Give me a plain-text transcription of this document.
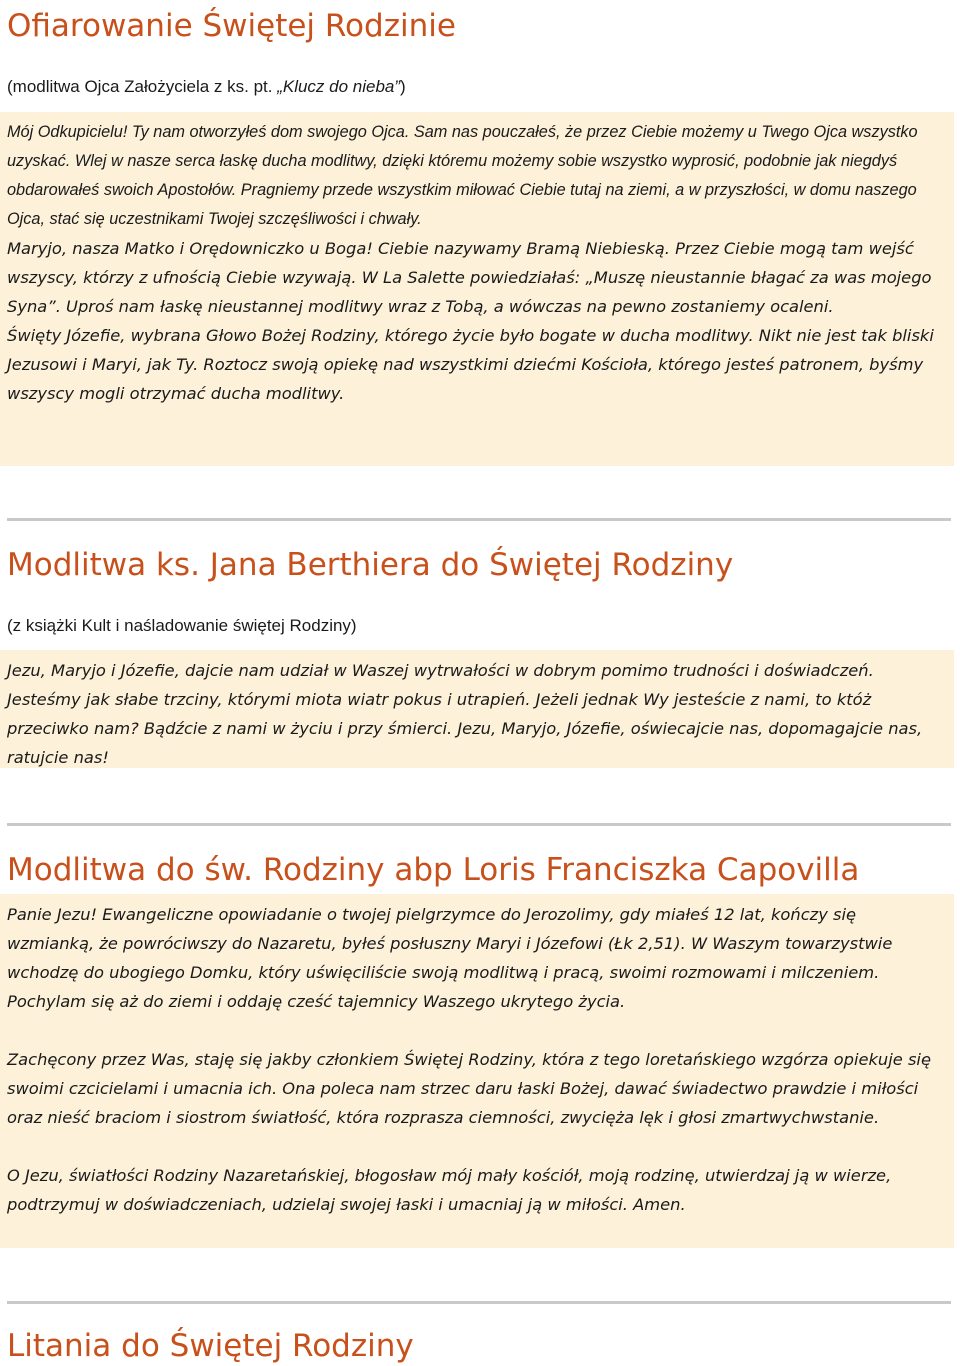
Ofiarowanie Świętej Rodzinie

(modlitwa Ojca Założyciela z ks. pt. „Klucz do nieba”)

Mój Odkupicielu! Ty nam otworzyłeś dom swojego Ojca. Sam nas pouczałeś, że przez Ciebie możemy u Twego Ojca wszystko uzyskać. Wlej w nasze serca łaskę ducha modlitwy, dzięki któremu możemy sobie wszystko wyprosić, podobnie jak niegdyś obdarowałeś swoich Apostołów. Pragniemy przede wszystkim miłować Ciebie tutaj na ziemi, a w przyszłości, w domu naszego Ojca, stać się uczestnikami Twojej szczęśliwości i chwały.

Maryjo, nasza Matko i Orędowniczko u Boga! Ciebie nazywamy Bramą Niebieską. Przez Ciebie mogą tam wejść wszyscy, którzy z ufnością Ciebie wzywają. W La Salette powiedziałaś: „Muszę nieustannie błagać za was mojego Syna”. Uproś nam łaskę nieustannej modlitwy wraz z Tobą, a wówczas na pewno zostaniemy ocaleni.

Święty Józefie, wybrana Głowo Bożej Rodziny, którego życie było bogate w ducha modlitwy. Nikt nie jest tak bliski Jezusowi i Maryi, jak Ty. Roztocz swoją opiekę nad wszystkimi dziećmi Kościoła, którego jesteś patronem, byśmy wszyscy mogli otrzymać ducha modlitwy.

Modlitwa ks. Jana Berthiera do Świętej Rodziny

(z książki Kult i naśladowanie świętej Rodziny)

Jezu, Maryjo i Józefie, dajcie nam udział w Waszej wytrwałości w dobrym pomimo trudności i doświadczeń. Jesteśmy jak słabe trzciny, którymi miota wiatr pokus i utrapień. Jeżeli jednak Wy jesteście z nami, to któż przeciwko nam? Bądźcie z nami w życiu i przy śmierci. Jezu, Maryjo, Józefie, oświecajcie nas, dopomagajcie nas, ratujcie nas!

Modlitwa do św. Rodziny abp Loris Franciszka Capovilla

Panie Jezu! Ewangeliczne opowiadanie o twojej pielgrzymce do Jerozolimy, gdy miałeś 12 lat, kończy się wzmianką, że powróciwszy do Nazaretu, byłeś posłuszny Maryi i Józefowi (Łk 2,51). W Waszym towarzystwie wchodzę do ubogiego Domku, który uświęciliście swoją modlitwą i pracą, swoimi rozmowami i milczeniem. Pochylam się aż do ziemi i oddaję cześć tajemnicy Waszego ukrytego życia.

Zachęcony przez Was, staję się jakby członkiem Świętej Rodziny, która z tego loretańskiego wzgórza opiekuje się swoimi czcicielami i umacnia ich. Ona poleca nam strzec daru łaski Bożej, dawać świadectwo prawdzie i miłości oraz nieść braciom i siostrom światłość, która rozprasza ciemności, zwycięża lęk i głosi zmartwychwstanie.

O Jezu, światłości Rodziny Nazaretańskiej, błogosław mój mały kościół, moją rodzinę, utwierdzaj ją w wierze, podtrzymuj w doświadczeniach, udzielaj swojej łaski i umacniaj ją w miłości. Amen.

Litania do Świętej Rodziny
